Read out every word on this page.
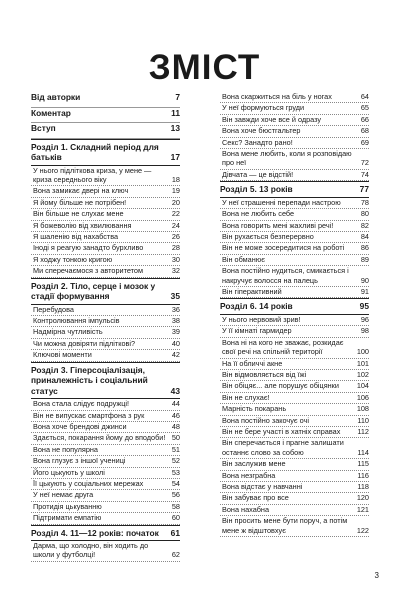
ЗМІСТ
Від авторки	7
Коментар	11
Вступ	13
Розділ 1. Складний період для батьків	17
У нього підліткова криза, у мене — криза середнього віку	18
Вона замикає двері на ключ	19
Я йому більше не потрібен!	20
Він більше не слухає мене	22
Я божеволію від хвилювання	24
Я шаленію від нахабства	26
Іноді я реагую занадто бурхливо	28
Я ходжу тонкою кригою	30
Ми сперечаємося з авторитетом	32
Розділ 2. Тіло, серце і мозок у стадії формування	35
Перебудова	36
Контролювання імпульсів	38
Надмірна чутливість	39
Чи можна довіряти підліткові?	40
Ключові моменти	42
Розділ 3. Гіперсоціалізація, приналежність і соціальний статус	43
Вона стала слідує подружці!	44
Він не випускає смартфона з рук	46
Вона хоче брендові джинси	48
Здається, покарання йому до вподоби! 50
Вона не популярна	51
Вона глузує з іншої учениці	52
Його цькують у школі	53
Її цькують у соціальних мережах	54
У неї немає друга	56
Протидія цькуванню	58
Підтримати емпатію	60
Розділ 4. 11—12 років: початок	61
Дарма, що холодно, він ходить до школи у футболці!	62
Вона скаржиться на біль у ногах	64
У неї формуються груди	65
Він завжди хоче все й одразу	66
Вона хоче бюстгальтер	68
Секс? Занадто рано!	69
Вона мене любить, коли я розповідаю про неї	72
Дівчата — це відстій!	74
Розділ 5. 13 років	77
У неї страшенні перепади настрою	78
Вона не любить себе	80
Вона говорить мені жахливі речі!	82
Він рухається безперервно	84
Він не може зосередитися на роботі	86
Він обманює	89
Вона постійно нудиться, смикається і накручує волосся на палець	90
Він гіперактивний	91
Розділ 6. 14 років	95
У нього нервовий зрив!	96
У її кімнаті гармидер	98
Вона ні на кого не зважає, розкидає свої речі на спільній території	100
На її обличчі акне	101
Він відмовляється від їжі	102
Він обіцяє... але порушує обіцянки	104
Він не слухає!	106
Марність покарань	108
Вона постійно закочує очі	110
Він не бере участі в хатніх справах	112
Він сперечається і прагне залишати останнє слово за собою	114
Він заслужив мене	115
Вона незграбна	116
Вона відстає у навчанні	118
Він забуває про все	120
Вона нахабна	121
Він просить мене бути поруч, а потім мене ж відштовхує	122
3
